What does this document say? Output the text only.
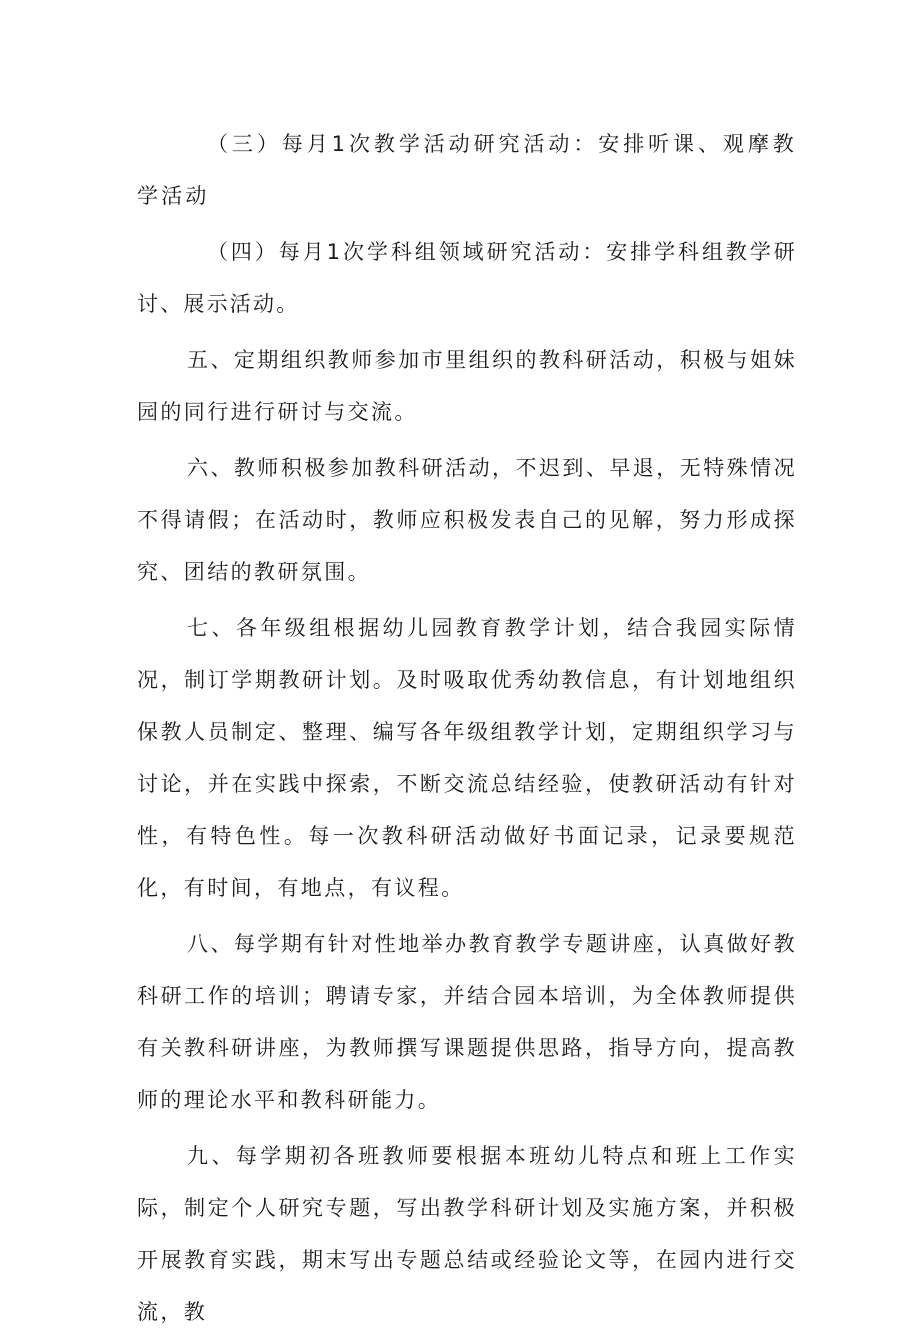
（三）每月1次教学活动研究活动：安排听课、观摩教学活动

（四）每月1次学科组领域研究活动：安排学科组教学研讨、展示活动。

五、定期组织教师参加市里组织的教科研活动，积极与姐妹园的同行进行研讨与交流。

六、教师积极参加教科研活动，不迟到、早退，无特殊情况不得请假；在活动时，教师应积极发表自己的见解，努力形成探究、团结的教研氛围。

七、各年级组根据幼儿园教育教学计划，结合我园实际情况，制订学期教研计划。及时吸取优秀幼教信息，有计划地组织保教人员制定、整理、编写各年级组教学计划，定期组织学习与讨论，并在实践中探索，不断交流总结经验，使教研活动有针对性，有特色性。每一次教科研活动做好书面记录，记录要规范化，有时间，有地点，有议程。

八、每学期有针对性地举办教育教学专题讲座，认真做好教科研工作的培训；聘请专家，并结合园本培训，为全体教师提供有关教科研讲座，为教师撰写课题提供思路，指导方向，提高教师的理论水平和教科研能力。

九、每学期初各班教师要根据本班幼儿特点和班上工作实际，制定个人研究专题，写出教学科研计划及实施方案，并积极开展教育实践，期末写出专题总结或经验论文等，在园内进行交流，教
